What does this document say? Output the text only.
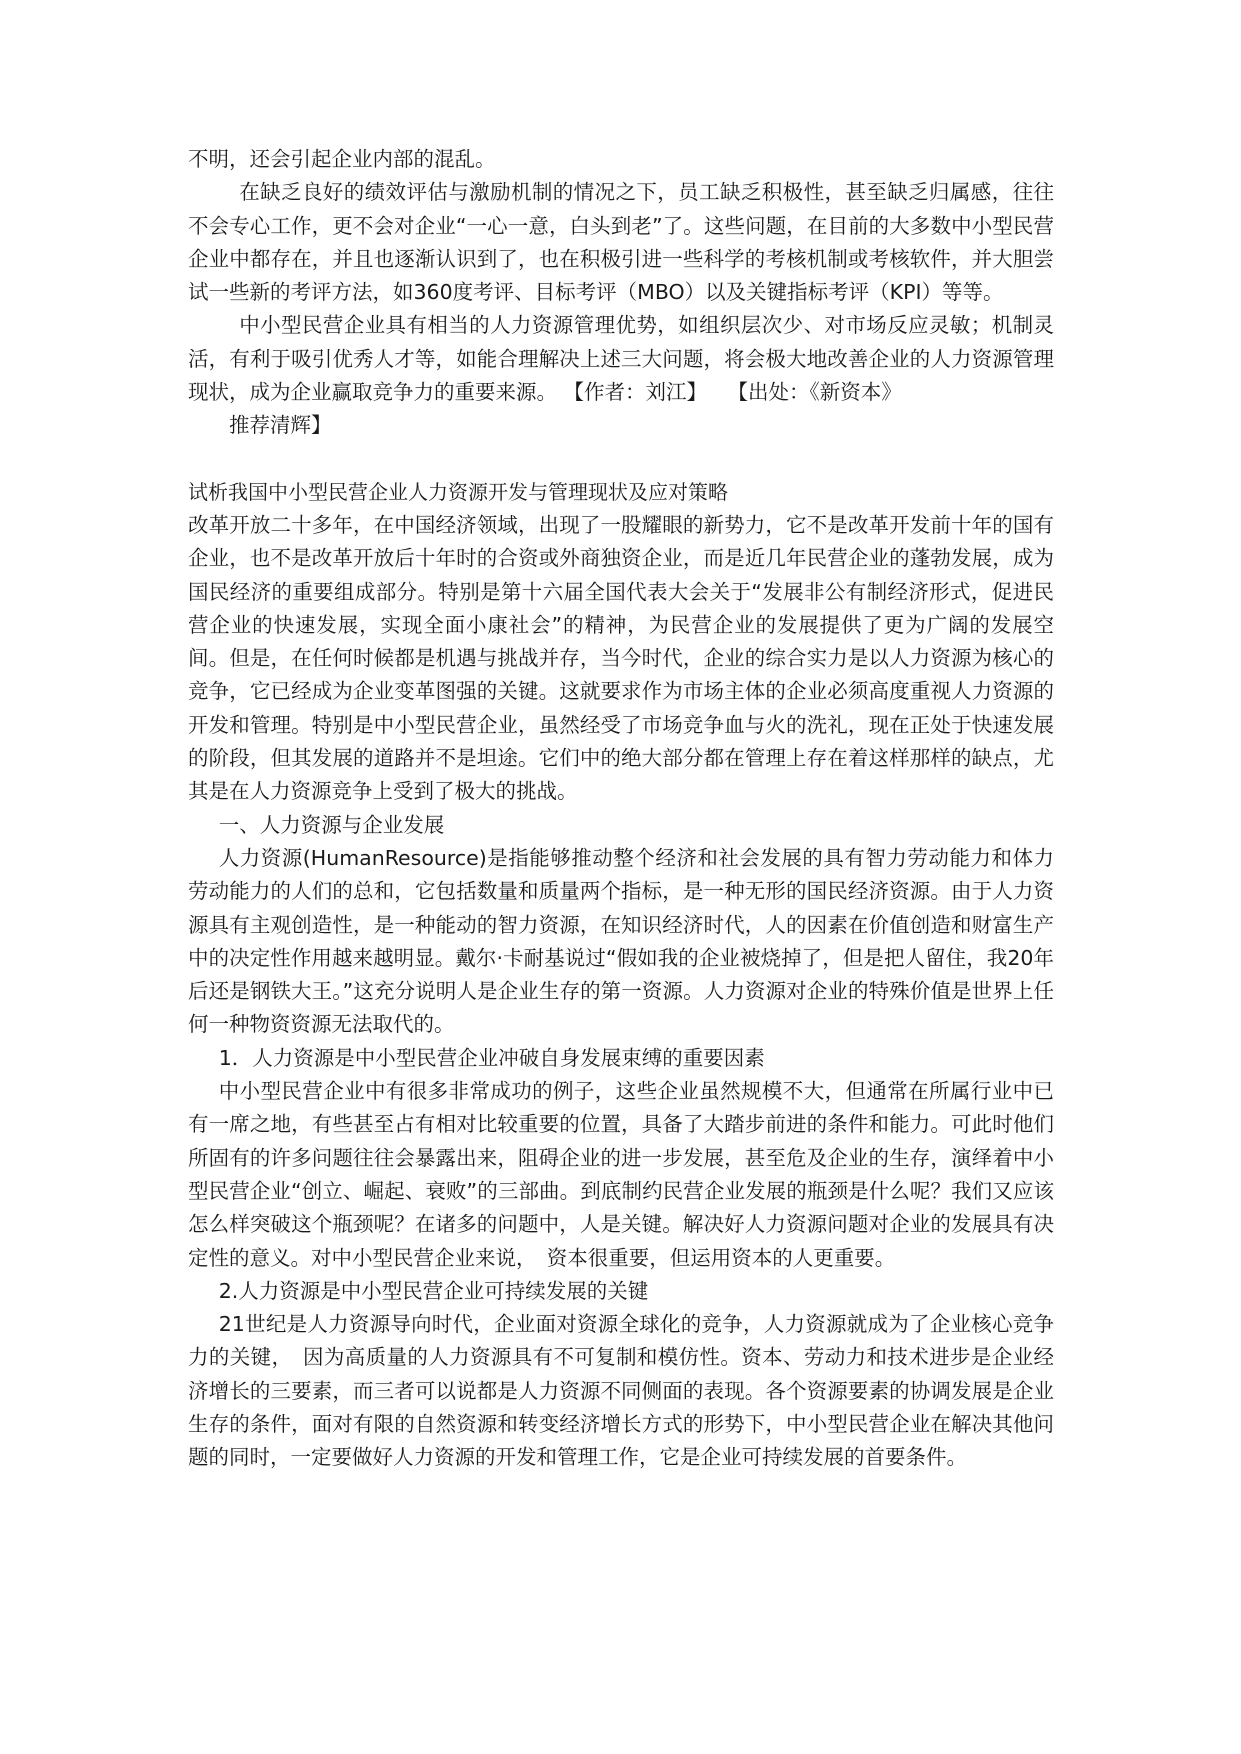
不明，还会引起企业内部的混乱。

在缺乏良好的绩效评估与激励机制的情况之下，员工缺乏积极性，甚至缺乏归属感，往往不会专心工作，更不会对企业“一心一意，白头到老”了。这些问题，在目前的大多数中小型民营企业中都存在，并且也逐渐认识到了，也在积极引进一些科学的考核机制或考核软件，并大胆尝试一些新的考评方法，如360度考评、目标考评（MBO）以及关键指标考评（KPI）等等。

中小型民营企业具有相当的人力资源管理优势，如组织层次少、对市场反应灵敏；机制灵活，有利于吸引优秀人才等，如能合理解决上述三大问题，将会极大地改善企业的人力资源管理现状，成为企业赢取竞争力的重要来源。 【作者：刘江】　　【出处：《新资本》

推荐清辉】

试析我国中小型民营企业人力资源开发与管理现状及应对策略

改革开放二十多年，在中国经济领域，出现了一股耀眼的新势力，它不是改革开发前十年的国有企业，也不是改革开放后十年时的合资或外商独资企业，而是近几年民营企业的蓬勃发展，成为国民经济的重要组成部分。特别是第十六届全国代表大会关于“发展非公有制经济形式，促进民营企业的快速发展，实现全面小康社会”的精神，为民营企业的发展提供了更为广阔的发展空间。但是，在任何时候都是机遇与挑战并存，当今时代，企业的综合实力是以人力资源为核心的竞争，它已经成为企业变革图强的关键。这就要求作为市场主体的企业必须高度重视人力资源的开发和管理。特别是中小型民营企业，虽然经受了市场竞争血与火的洗礼，现在正处于快速发展的阶段，但其发展的道路并不是坦途。它们中的绝大部分都在管理上存在着这样那样的缺点，尤其是在人力资源竞争上受到了极大的挑战。

一、人力资源与企业发展

人力资源(HumanResource)是指能够推动整个经济和社会发展的具有智力劳动能力和体力劳动能力的人们的总和，它包括数量和质量两个指标，是一种无形的国民经济资源。由于人力资源具有主观创造性，是一种能动的智力资源，在知识经济时代，人的因素在价值创造和财富生产中的决定性作用越来越明显。戴尔·卡耐基说过“假如我的企业被烧掉了，但是把人留住，我20年后还是钢铁大王。”这充分说明人是企业生存的第一资源。人力资源对企业的特殊价值是世界上任何一种物资资源无法取代的。

1．人力资源是中小型民营企业冲破自身发展束缚的重要因素

中小型民营企业中有很多非常成功的例子，这些企业虽然规模不大，但通常在所属行业中已有一席之地，有些甚至占有相对比较重要的位置，具备了大踏步前进的条件和能力。可此时他们所固有的许多问题往往会暴露出来，阻碍企业的进一步发展，甚至危及企业的生存，演绎着中小型民营企业“创立、崛起、衰败”的三部曲。到底制约民营企业发展的瓶颈是什么呢？我们又应该怎么样突破这个瓶颈呢？在诸多的问题中，人是关键。解决好人力资源问题对企业的发展具有决定性的意义。对中小型民营企业来说，　资本很重要，但运用资本的人更重要。

2.人力资源是中小型民营企业可持续发展的关键

21世纪是人力资源导向时代，企业面对资源全球化的竞争，人力资源就成为了企业核心竞争力的关键，　因为高质量的人力资源具有不可复制和模仿性。资本、劳动力和技术进步是企业经济增长的三要素，而三者可以说都是人力资源不同侧面的表现。各个资源要素的协调发展是企业生存的条件，面对有限的自然资源和转变经济增长方式的形势下，中小型民营企业在解决其他问题的同时，一定要做好人力资源的开发和管理工作，它是企业可持续发展的首要条件。
